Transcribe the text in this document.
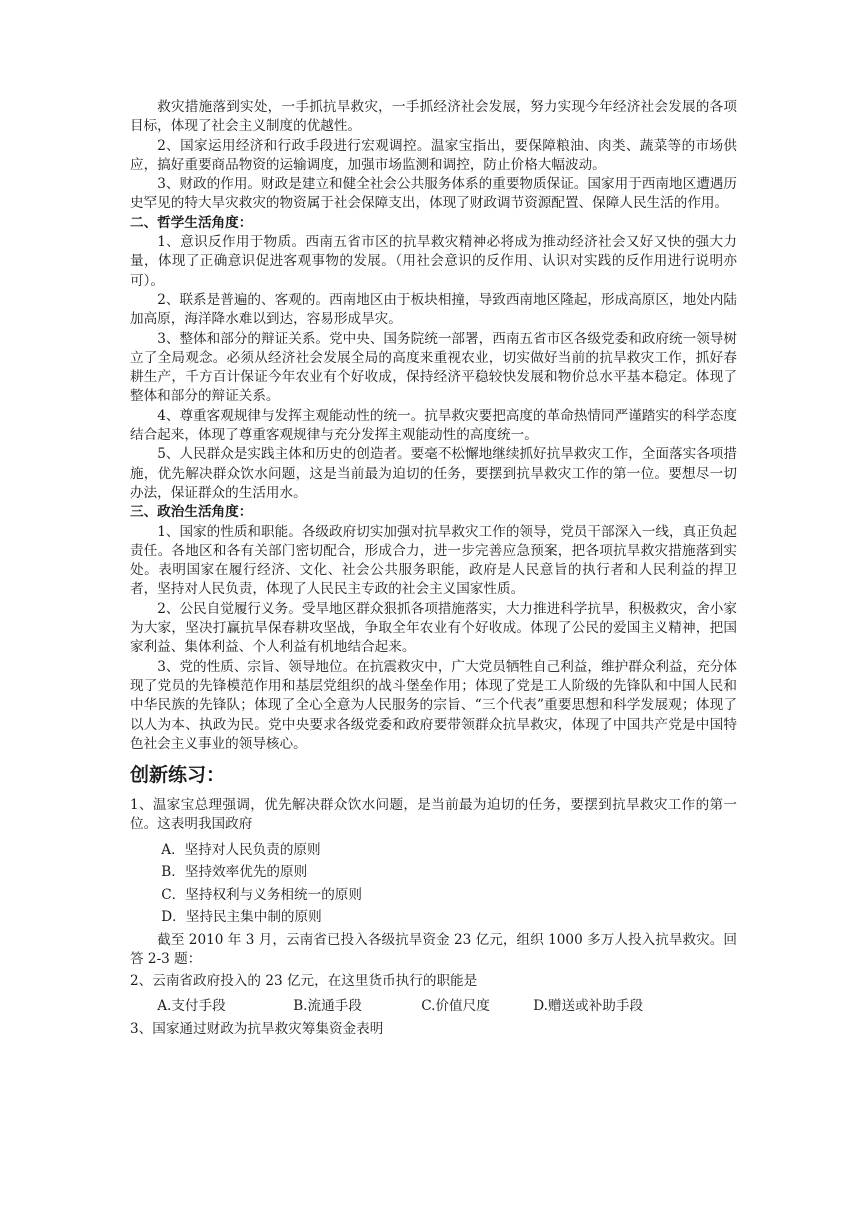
救灾措施落到实处，一手抓抗旱救灾，一手抓经济社会发展，努力实现今年经济社会发展的各项目标，体现了社会主义制度的优越性。

2、国家运用经济和行政手段进行宏观调控。温家宝指出，要保障粮油、肉类、蔬菜等的市场供应，搞好重要商品物资的运输调度，加强市场监测和调控，防止价格大幅波动。

3、财政的作用。财政是建立和健全社会公共服务体系的重要物质保证。国家用于西南地区遭遇历史罕见的特大旱灾救灾的物资属于社会保障支出，体现了财政调节资源配置、保障人民生活的作用。

二、哲学生活角度：

1、意识反作用于物质。西南五省市区的抗旱救灾精神必将成为推动经济社会又好又快的强大力量，体现了正确意识促进客观事物的发展。（用社会意识的反作用、认识对实践的反作用进行说明亦可）。

2、联系是普遍的、客观的。西南地区由于板块相撞，导致西南地区隆起，形成高原区，地处内陆加高原，海洋降水难以到达，容易形成旱灾。

3、整体和部分的辩证关系。党中央、国务院统一部署，西南五省市区各级党委和政府统一领导树立了全局观念。必须从经济社会发展全局的高度来重视农业，切实做好当前的抗旱救灾工作，抓好春耕生产，千方百计保证今年农业有个好收成，保持经济平稳较快发展和物价总水平基本稳定。体现了整体和部分的辩证关系。

4、尊重客观规律与发挥主观能动性的统一。抗旱救灾要把高度的革命热情同严谨踏实的科学态度结合起来，体现了尊重客观规律与充分发挥主观能动性的高度统一。

5、人民群众是实践主体和历史的创造者。要毫不松懈地继续抓好抗旱救灾工作，全面落实各项措施，优先解决群众饮水问题，这是当前最为迫切的任务，要摆到抗旱救灾工作的第一位。要想尽一切办法，保证群众的生活用水。

三、政治生活角度：

1、国家的性质和职能。各级政府切实加强对抗旱救灾工作的领导，党员干部深入一线，真正负起责任。各地区和各有关部门密切配合，形成合力，进一步完善应急预案，把各项抗旱救灾措施落到实处。表明国家在履行经济、文化、社会公共服务职能，政府是人民意旨的执行者和人民利益的捍卫者，坚持对人民负责，体现了人民民主专政的社会主义国家性质。

2、公民自觉履行义务。受旱地区群众狠抓各项措施落实，大力推进科学抗旱，积极救灾，舍小家为大家，坚决打赢抗旱保春耕攻坚战，争取全年农业有个好收成。体现了公民的爱国主义精神，把国家利益、集体利益、个人利益有机地结合起来。

3、党的性质、宗旨、领导地位。在抗震救灾中，广大党员牺牲自己利益，维护群众利益，充分体现了党员的先锋模范作用和基层党组织的战斗堡垒作用；体现了党是工人阶级的先锋队和中国人民和中华民族的先锋队；体现了全心全意为人民服务的宗旨、“三个代表”重要思想和科学发展观；体现了以人为本、执政为民。党中央要求各级党委和政府要带领群众抗旱救灾，体现了中国共产党是中国特色社会主义事业的领导核心。

创新练习：

1、温家宝总理强调，优先解决群众饮水问题，是当前最为迫切的任务，要摆到抗旱救灾工作的第一位。这表明我国政府

A．坚持对人民负责的原则
B．坚持效率优先的原则
C．坚持权利与义务相统一的原则
D．坚持民主集中制的原则

截至 2010 年 3 月，云南省已投入各级抗旱资金 23 亿元，组织 1000 多万人投入抗旱救灾。回答 2-3 题：

2、云南省政府投入的 23 亿元，在这里货币执行的职能是

A.支付手段	B.流通手段	C.价值尺度	D.赠送或补助手段

3、国家通过财政为抗旱救灾筹集资金表明
